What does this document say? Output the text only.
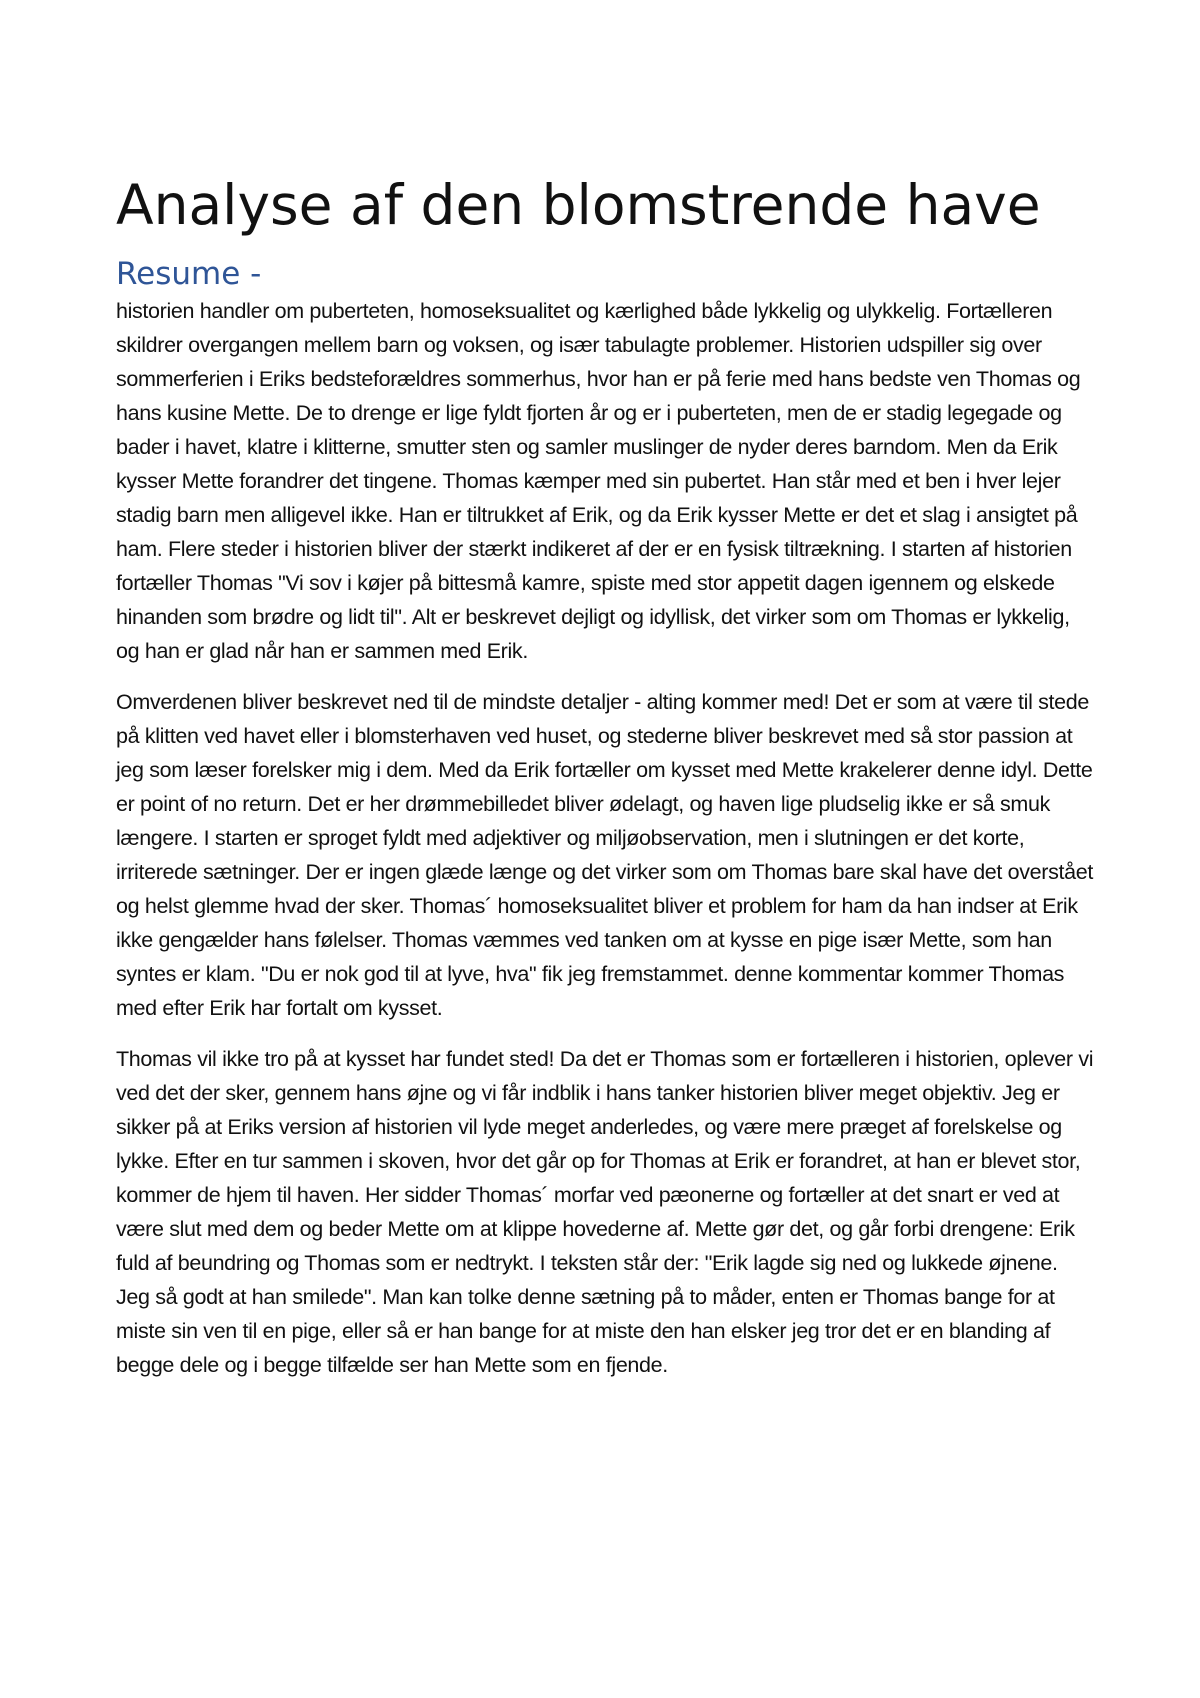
Analyse af den blomstrende have
Resume -

historien handler om puberteten, homoseksualitet og kærlighed både lykkelig og ulykkelig. Fortælleren skildrer overgangen mellem barn og voksen, og især tabulagte problemer. Historien udspiller sig over sommerferien i Eriks bedsteforældres sommerhus, hvor han er på ferie med hans bedste ven Thomas og hans kusine Mette. De to drenge er lige fyldt fjorten år og er i puberteten, men de er stadig legegade og bader i havet, klatre i klitterne, smutter sten og samler muslinger de nyder deres barndom. Men da Erik kysser Mette forandrer det tingene. Thomas kæmper med sin pubertet. Han står med et ben i hver lejer stadig barn men alligevel ikke. Han er tiltrukket af Erik, og da Erik kysser Mette er det et slag i ansigtet på ham. Flere steder i historien bliver der stærkt indikeret af der er en fysisk tiltrækning. I starten af historien fortæller Thomas "Vi sov i køjer på bittesmå kamre, spiste med stor appetit dagen igennem og elskede hinanden som brødre og lidt til". Alt er beskrevet dejligt og idyllisk, det virker som om Thomas er lykkelig, og han er glad når han er sammen med Erik.

Omverdenen bliver beskrevet ned til de mindste detaljer - alting kommer med! Det er som at være til stede på klitten ved havet eller i blomsterhaven ved huset, og stederne bliver beskrevet med så stor passion at jeg som læser forelsker mig i dem. Med da Erik fortæller om kysset med Mette krakelerer denne idyl. Dette er point of no return. Det er her drømmebilledet bliver ødelagt, og haven lige pludselig ikke er så smuk længere. I starten er sproget fyldt med adjektiver og miljøobservation, men i slutningen er det korte, irriterede sætninger. Der er ingen glæde længe og det virker som om Thomas bare skal have det overstået og helst glemme hvad der sker. Thomas´ homoseksualitet bliver et problem for ham da han indser at Erik ikke gengælder hans følelser. Thomas væmmes ved tanken om at kysse en pige især Mette, som han syntes er klam. "Du er nok god til at lyve, hva" fik jeg fremstammet. denne kommentar kommer Thomas med efter Erik har fortalt om kysset.

Thomas vil ikke tro på at kysset har fundet sted! Da det er Thomas som er fortælleren i historien, oplever vi ved det der sker, gennem hans øjne og vi får indblik i hans tanker historien bliver meget objektiv. Jeg er sikker på at Eriks version af historien vil lyde meget anderledes, og være mere præget af forelskelse og lykke. Efter en tur sammen i skoven, hvor det går op for Thomas at Erik er forandret, at han er blevet stor, kommer de hjem til haven. Her sidder Thomas´ morfar ved pæonerne og fortæller at det snart er ved at være slut med dem og beder Mette om at klippe hovederne af. Mette gør det, og går forbi drengene: Erik fuld af beundring og Thomas som er nedtrykt. I teksten står der: "Erik lagde sig ned og lukkede øjnene. Jeg så godt at han smilede". Man kan tolke denne sætning på to måder, enten er Thomas bange for at miste sin ven til en pige, eller så er han bange for at miste den han elsker jeg tror det er en blanding af begge dele og i begge tilfælde ser han Mette som en fjende.
